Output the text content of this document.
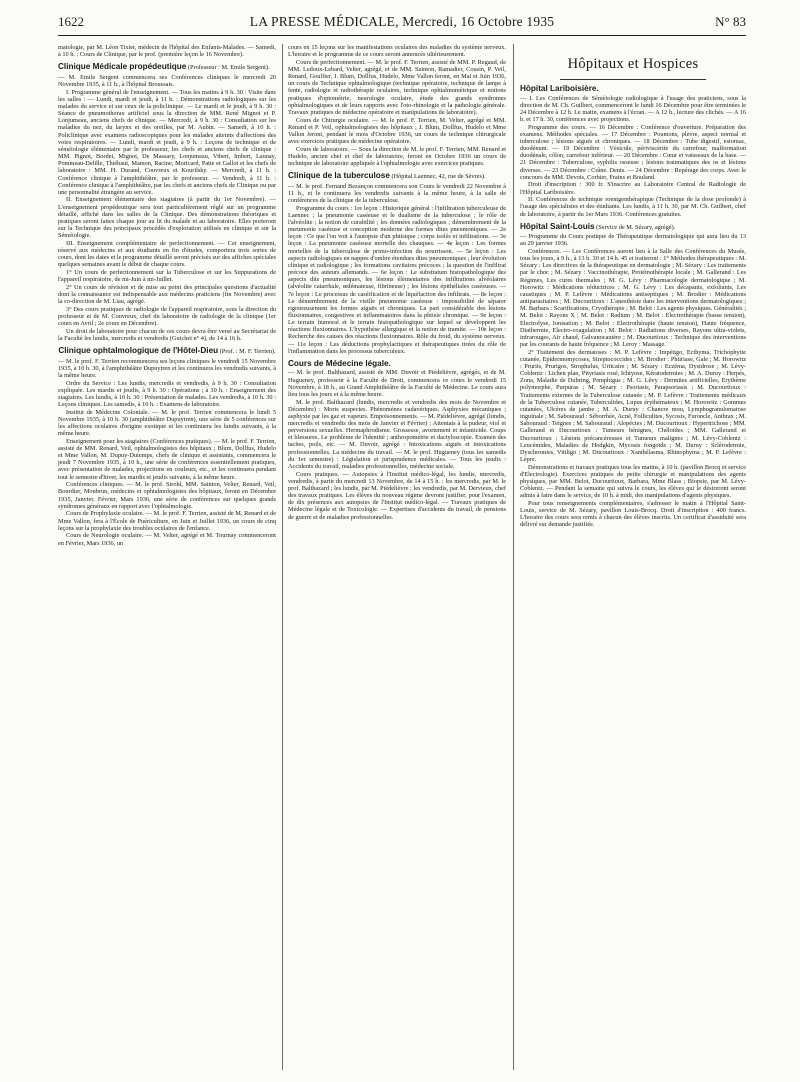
1622	LA PRESSE MÉDICALE, Mercredi, 16 Octobre 1935	N° 83

matologie, par M. Léon Tixier, médecin de l'hôpital des Enfants-Malades. — Samedi, à 10 h. : Cours de Clinique, par le prof. (première leçon le 16 Novembre).

Clinique Médicale propédeutique (Professeur : M. Emile Sergent).

— M. Emile Sergent commencera ses Conférences cliniques le mercredi 20 Novembre 1935, à 11 h., à l'hôpital Broussais.

I. Programme général de l'enseignement. — Tous les matins à 9 h. 30 : Visite dans les salles : — Lundi, mardi et jeudi, à 11 h. : Démonstrations radiologiques sur les malades du service et sur ceux de la policlinique. — Le mardi et le jeudi, à 9 h. 30 : Séance de pneumothorax artificiel sous la direction de MM. René Mignot et P. Lonjumeau, anciens chefs de clinique. — Mercredi, à 9 h. 30 : Consultation sur les maladies du nez, du larynx et des oreilles, par M. Aubin. — Samedi, à 10 h. : Policlinique avec examens radioscopiques pour les malades atteints d'affections des voies respiratoires. — Lundi, mardi et jeudi, à 9 h. : Leçons de technique et de séméiologie élémentaire par le professeur, les chefs et anciens chefs de clinique : MM. Pignot, Bordet, Mignot, De Massary, Lonjumeau, Vibert, Imbert, Launay, Pommeau-Delille, Thiébaut, Mamon, Racine, Moricard, Patte et Gallot et les chefs de laboratoire : MM. H. Durand, Couvreux et Kourilsky. — Mercredi, à 11 h. : Conférence clinique à l'amphithéâtre, par le professeur. — Vendredi, à 11 h. : Conférence clinique à l'amphithéâtre, par les chefs et anciens chefs de Clinique ou par une personnalité étrangère au service.

II. Enseignement élémentaire des stagiaires (à partir du 1er Novembre). — L'enseignement propédeutique sera tout particulièrement réglé sur un programme détaillé, affiché dans les salles de la Clinique. Des démonstrations théoriques et pratiques seront faites chaque jour au lit du malade et au laboratoire. Elles porteront sur la Technique des principaux procédés d'exploration utilisés en clinique et sur la Séméiologie.

III. Enseignement complémentaire de perfectionnement. — Cet enseignement, réservé aux médecins et aux étudiants en fin d'études, comportera trois sortes de cours, dont les dates et le programme détaillé seront précisés sur des affiches spéciales quelques semaines avant le début de chaque cours.

1° Un cours de perfectionnement sur la Tuberculose et sur les Suppurations de l'appareil respiratoire, de mi-Juin à mi-Juillet.

2° Un cours de révision et de mise au point des principales questions d'actualité dont la connaissance est indispensable aux médecins praticiens (fin Novembre) avec la co-direction de M. Liau, agrégé.

3° Des cours pratiques de radiologie de l'appareil respiratoire, sous la direction du professeur et de M. Couvreux, chef du laboratoire de radiologie de la clinique (1er cours en Avril ; 2e cours en Décembre).

Un droit de laboratoire pour chacun de ces cours devra être versé au Secrétariat de la Faculté les lundis, mercredis et vendredis (Guichet n° 4), de 14 à 16 h.

Clinique ophtalmologique de l'Hôtel-Dieu (Prof. : M. F. Terrien).

— M. le prof. F. Terrien recommencera ses leçons cliniques le vendredi 15 Novembre 1935, à 10 h. 30, à l'amphithéâtre Dupuytren et les continuera les vendredis suivants, à la même heure.

Ordre du Service : Les lundis, mercredis et vendredis, à 9 h. 30 : Consultation expliquée. Les mardis et jeudis, à 9 h. 30 : Opérations ; à 10 h. : Enseignement des stagiaires. Les lundis, à 10 h. 30 : Présentation de malades. Les vendredis, à 10 h. 30 : Leçons cliniques. Les samedis, à 10 h. : Examens de laboratoire.

Institut de Médecine Coloniale. — M. le prof. Terrien commencera le lundi 5 Novembre 1935, à 10 h. 30 (amphithéâtre Dupuytren), une série de 5 conférences sur les affections oculaires d'origine exotique et les continuera les lundis suivants, à la même heure.

Enseignement pour les stagiaires (Conférences pratiques). — M. le prof. F. Terrien, assisté de MM. Renard, Veil, ophtalmologistes des hôpitaux ; Blum, Dollfus, Hudelo et Mme Vallon, M. Dupuy-Dutemps, chefs de clinique et assistants, commencera le jeudi 7 Novembre 1935, à 10 h., une série de conférences essentiellement pratiques, avec présentation de malades, projections en couleurs, etc., et les continuera pendant tout le semestre d'hiver, les mardis et jeudis suivants, à la même heure.

Conférences cliniques. — M. le prof. Strohl, MM. Sainton, Velter, Renard, Veil, Bourdier, Monbrun, médecins et ophtalmologistes des hôpitaux, feront en Décembre 1935, Janvier, Février, Mars 1936, une série de conférences sur quelques grands syndromes généraux en rapport avec l'ophtalmologie.

Cours de Prophylaxie oculaire. — M. le prof. F. Terrien, assisté de M. Renard et de Mme Vallon, fera à l'École de Puériculture, en Juin et Juillet 1936, un cours de cinq leçons sur la prophylaxie des troubles oculaires de l'enfance.

Cours de Neurologie oculaire. — M. Velter, agrégé et M. Tournay commenceront en Février, Mars 1936, un

cours en 15 leçons sur les manifestations oculaires des maladies du système nerveux. L'horaire et le programme de ce cours seront annoncés ultérieurement.

Cours de perfectionnement. — M. le prof. F. Terrien, assisté de MM. P. Regaud, de MM. Ledoux-Lebard, Velter, agrégé, et de MM. Sainton, Ramadier, Cousin, P. Veil, Renard, Goulfier, J. Blum, Dollfus, Hudelo, Mme Vallon feront, en Mai et Juin 1936, un cours de Technique ophtalmologique (technique opératoire, technique de lampe à fente, radiologie et radiothérapie oculaires, technique ophtalmométrique et notions pratiques d'optométrie, neurologie oculaire, étude des grands syndromes ophtalmologiques et de leurs rapports avec l'oto-rhinologie et la pathologie générale. Travaux pratiques de médecine opératoire et manipulations de laboratoire).

Cours de Chirurgie oculaire. — M. le prof. F. Terrien, M. Velter, agrégé et MM. Renard et P. Veil, ophtalmologistes des hôpitaux ; J. Blum, Dollfus, Hudelo et Mme Vallon feront, pendant le mois d'Octobre 1936, un cours de technique chirurgicale avec exercices pratiques de médecine opératoire.

Cours de laboratoire. — Sous la direction de M. le prof. F. Terrien, MM. Renard et Hudelo, ancien chef et chef de laboratoire, feront en Octobre 1936 un cours de technique de laboratoire appliquée à l'ophtalmologie avec exercices pratiques.

Clinique de la tuberculose (Hôpital Laennec, 42, rue de Sèvres).

— M. le prof. Fernand Bezançon commencera son Cours le vendredi 22 Novembre à 11 h., et le continuera les vendredis suivants à la même heure, à la salle de conférences de la clinique de la tuberculose.

Programme du cours : 1re leçon : Historique général : l'infiltration tuberculeuse de Laennec ; la pneumonie caséeuse et le dualisme de la tuberculose ; le rôle de l'alvéolite ; la notion de curabilité ; les données radiologiques ; démembrement de la pneumonie caséeuse et conception moderne des formes dites pneumoniques. — 2e leçon : Ce que l'on voit à l'autopsie d'un phtisique ; corps isolés et infiltrations. — 3e leçon : La pneumonie caséeuse mortelle des chauques. — 4e leçon : Les formes mortelles de la tuberculose de primo-infection du nourrisson. — 5e leçon : Les aspects radiologiques en nappes d'ombre étendues dites pneumoniques ; leur évolution clinique et radiologique ; les formations cavitaires précoces ; la question de l'infiltrat précoce des auteurs allemands. — 6e leçon : Le substratum histopathologique des aspects dits pneumoniques, les lésions élémentaires des infiltrations alvéolaires (alvéolite catarrhale, œdémateuse, fibrineuse) ; les lésions épithéliales caséeuses. — 7e leçon : Le processus de caséification et de liquéfaction des infiltrats. — 8e leçon : Le démembrement de la vieille pneumonie caséeuse : impossibilité de séparer rigoureusement les formes aiguës et chroniques. La part considérable des lésions fluxionnaires, congestives et inflammatoires dans la phtisie chronique. — 9e leçon : Le terrain humoral et le terrain histopathologique sur lequel se développent les réactions fluxionnaires. L'hypothèse allergique et la notion de tramite. — 10e leçon : Recherche des causes des réactions fluxionnaires. Rôle du froid, du système nerveux. — 11e leçon : Les déductions prophylactiques et thérapeutiques tirées du rôle de l'inflammation dans les processus tuberculeux.

Cours de Médecine légale.

— M. le prof. Balthazard, assisté de MM. Duvoir et Piédelièvre, agrégés, et de M. Hugueney, professeur à la Faculté de Droit, commencera ce cours le vendredi 15 Novembre, à 18 h., au Grand Amphithéâtre de la Faculté de Médecine. Le cours aura lieu tous les jours et à la même heure.

M. le prof. Balthazard (lundis, mercredis et vendredis des mois de Novembre et Décembre) : Morts suspectes. Phénomènes cadavériques. Asphyxies mécaniques ; asphyxie par les gaz et vapeurs. Empoisonnements. — M. Piédelièvre, agrégé (lundis, mercredis et vendredis des mois de Janvier et Février) : Attentats à la pudeur, viol et perversions sexuelles. Hermaphrodisme. Grossesse, avortement et infanticide. Coups et blessures. Le problème de l'identité ; anthropométrie et dactyloscopie. Examen des taches, poils, etc. — M. Duvoir, agrégé : Intoxications aiguës et intoxications professionnelles. La médecine du travail. — M. le prof. Hugueney (tous les samedis du 1er semestre) : Législation et jurisprudence médicales. — Tous les jeudis : Accidents du travail, maladies professionnelles, médecine sociale.

Cours pratiques. — Autopsies à l'Institut médico-légal, les lundis, mercredis, vendredis, à partir du mercredi 13 Novembre, de 14 à 15 h. : les mercredis, par M. le prof. Balthazard ; les lundis, par M. Piédelièvre ; les vendredis, par M. Dervieux, chef des travaux pratiques. Les élèves du nouveau régime devront justifier, pour l'examen, de dix présences aux autopsies de l'Institut médico-légal. — Travaux pratiques de Médecine légale et de Toxicologie. — Expertises d'accidents du travail, de pensions de guerre et de maladies professionnelles.

Hôpitaux et Hospices
Hôpital Lariboisière.

— I. Les Conférences de Séméiologie radiologique à l'usage des praticiens, sous la direction de M. Ch. Guilbert, commenceront le lundi 16 Décembre pour être terminées le 24 Décembre à 12 h. Le matin, examens à l'écran. — A 12 h., lecture des clichés. — A 16 h. et 17 h. 30, conférences avec projections.

Programme des cours. — 16 Décembre : Conférence d'ouverture. Préparation des examens. Méthodes spéciales. — 17 Décembre : Poumons, plèvre, aspect normal et tuberculose ; lésions aiguës et chroniques. — 18 Décembre : Tube digestif, estomac, duodénum. — 19 Décembre : Vésicule, périviscérite du carrefour, malformation duodénale, côlon, carrefour inférieur. — 20 Décembre : Cœur et vaisseaux de la base. — 21 Décembre : Tuberculose, syphilis osseuse ; lésions traumatiques des os et lésions diverses. — 23 Décembre : Crâne. Dents. — 24 Décembre : Repérage des corps. Avec le concours de MM. Devois, Corbier, Frains et Bouland.

Droit d'inscription : 300 fr. S'inscrire au Laboratoire Central de Radiologie de l'Hôpital Lariboisière.

II. Conférences de technique roentgenthérapique (Technique de la dose profonde) à l'usage des spécialistes et des étudiants. Les lundis, à 11 h. 30, par M. Ch. Guilbert, chef de laboratoire, à partir du 1er Mars 1936. Conférences gratuites.

Hôpital Saint-Louis (Service de M. Sézary, agrégé).

— Programme du Cours pratique de Thérapeutique dermatologique qui aura lieu du 13 au 29 janvier 1936.

Conférences. — Les Conférences auront lieu à la Salle des Conférences du Musée, tous les jours, à 9 h., à 13 h. 30 et 14 h. 45 et traiteront : 1° Méthodes thérapeutiques : M. Sézary : Les directives de la thérapeutique en dermatologie ; M. Sézary : Les traitements par le choc ; M. Sézary : Vaccinothérapie, Protéinothérapie locale ; M. Gallerand : Les Régimes, Les cures thermales ; M. G. Lévy : Pharmacologie dermatologique ; M. Horowitz : Médications réductrices ; M. G. Lévy : Les décapants, exfoliants, Les caustiques ; M. P. Lefèvre : Médications antiseptiques ; M. Brodier : Médications antiparasitaires ; M. Ducourtioux : L'anesthésie dans les interventions dermatologiques ; M. Barbara : Scarifications, Cryothérapie ; M. Belot : Les agents physiques. Généralités ; M. Belot : Rayons X ; M. Belot : Radium ; M. Belot : Electrothérapie (basse tension), Electrolyse, Ionisation ; M. Belot : Electrothérapie (haute tension), Haute fréquence, Diathermie, Electro-coagulation ; M. Belot : Radiations diverses, Rayons ultra-violets, infrarouges, Air chaud, Galvanocautère ; M. Ducourtioux : Technique des interventions par les courants de haute fréquence ; M. Leroy : Massage.

2° Traitement des dermatoses : M. P. Lefèvre : Impétigo, Ecthyma, Trichophytie cutanée, Epidermomycoses, Streptococcides ; M. Brodier : Phtiriase, Gale ; M. Horowitz : Prurits, Prurigos, Strophulus, Urticaire ; M. Sézary : Eczéma, Dysidrose ; M. Lévy-Coblentz : Lichen plan, Pityriasis rosé, Ichtyose, Kératodermies ; M. A. Duruy : Herpès, Zona, Maladie de Duhring, Pemphigus ; M. G. Lévy : Dermites artificielles, Erythème polymorphe, Purpuras ; M. Sézary : Psoriasis, Parapsoriasis ; M. Ducourtioux : Traitements externes de la Tuberculose cutanée ; M. P. Lefèvre : Traitements médicaux de la Tuberculose cutanée, Tuberculides, Lupus érythémateux ; M. Horowitz : Gommes cutanées, Ulcères de jambe ; M. A. Duruy : Chancre mou, Lymphogranulomatose inguinale ; M. Sabouraud : Séborrhée, Acné, Folliculites, Sycosis, Furoncle, Anthrax ; M. Sabouraud : Teignes ; M. Sabouraud : Alopécies ; M. Ducourtioux : Hypertrichose ; MM. Gallerand et Ducourtioux : Tumeurs bénignes, Chéloïdes ; MM. Gallerand et Ducourtioux : Lésions précancéreuses et Tumeurs malignes ; M. Lévy-Coblentz : Leucémides, Maladies de Hodgkin, Mycosis fongoïde ; M. Duruy : Sclérodermie, Dyschromies, Vitiligo ; M. Ducourtioux : Xanthélasma, Rhinophyma ; M. P. Lefèvre : Lèpre.

Démonstrations et travaux pratiques tous les matins, à 10 h. (pavillon Brocq et service d'Electrologie). Exercices pratiques de petite chirurgie et manipulations des agents physiques, par MM. Belot, Ducourtioux, Barbara, Mme Blass ; Biopsie, par M. Lévy-Coblentz. — Pendant la semaine qui suivra le cours, les élèves qui le désireront seront admis à faire dans le service, de 10 h. à midi, des manipulations d'agents physiques.

Pour tous renseignements complémentaires, s'adresser le matin à l'Hôpital Saint-Louis, service de M. Sézary, pavillon Louis-Brocq. Droit d'inscription : 400 francs. L'horaire des cours sera remis à chacun des élèves inscrits. Un certificat d'assiduité sera délivré sur demande justifiée.
